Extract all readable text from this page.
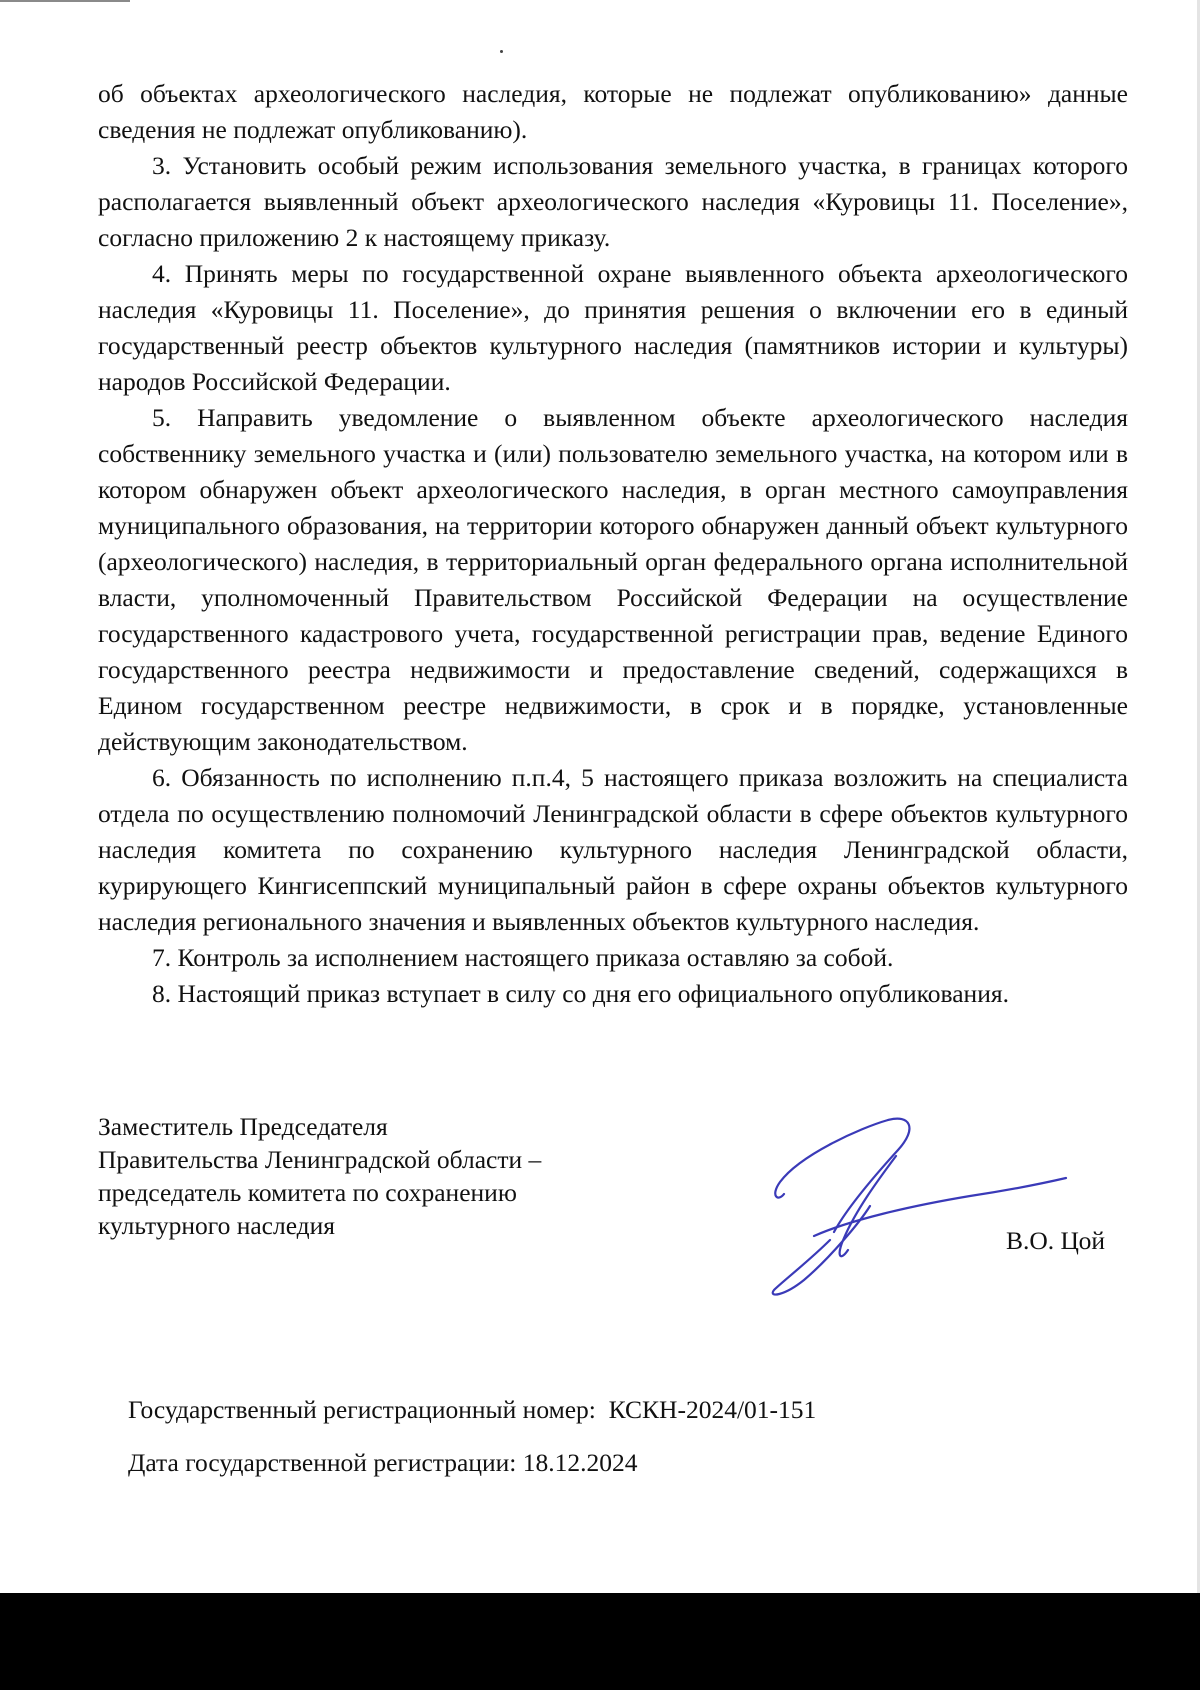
об объектах археологического наследия, которые не подлежат опубликованию» данные сведения не подлежат опубликованию).

3. Установить особый режим использования земельного участка, в границах которого располагается выявленный объект археологического наследия «Куровицы 11. Поселение», согласно приложению 2 к настоящему приказу.

4. Принять меры по государственной охране выявленного объекта археологического наследия «Куровицы 11. Поселение», до принятия решения о включении его в единый государственный реестр объектов культурного наследия (памятников истории и культуры) народов Российской Федерации.

5. Направить уведомление о выявленном объекте археологического наследия собственнику земельного участка и (или) пользователю земельного участка, на котором или в котором обнаружен объект археологического наследия, в орган местного самоуправления муниципального образования, на территории которого обнаружен данный объект культурного (археологического) наследия, в территориальный орган федерального органа исполнительной власти, уполномоченный Правительством Российской Федерации на осуществление государственного кадастрового учета, государственной регистрации прав, ведение Единого государственного реестра недвижимости и предоставление сведений, содержащихся в Едином государственном реестре недвижимости, в срок и в порядке, установленные действующим законодательством.

6. Обязанность по исполнению п.п.4, 5 настоящего приказа возложить на специалиста отдела по осуществлению полномочий Ленинградской области в сфере объектов культурного наследия комитета по сохранению культурного наследия Ленинградской области, курирующего Кингисеппский муниципальный район в сфере охраны объектов культурного наследия регионального значения и выявленных объектов культурного наследия.

7. Контроль за исполнением настоящего приказа оставляю за собой.

8. Настоящий приказ вступает в силу со дня его официального опубликования.

Заместитель Председателя
Правительства Ленинградской области –
председатель комитета по сохранению
культурного наследия
В.О. Цой
Государственный регистрационный номер: КСКН-2024/01-151
Дата государственной регистрации: 18.12.2024
